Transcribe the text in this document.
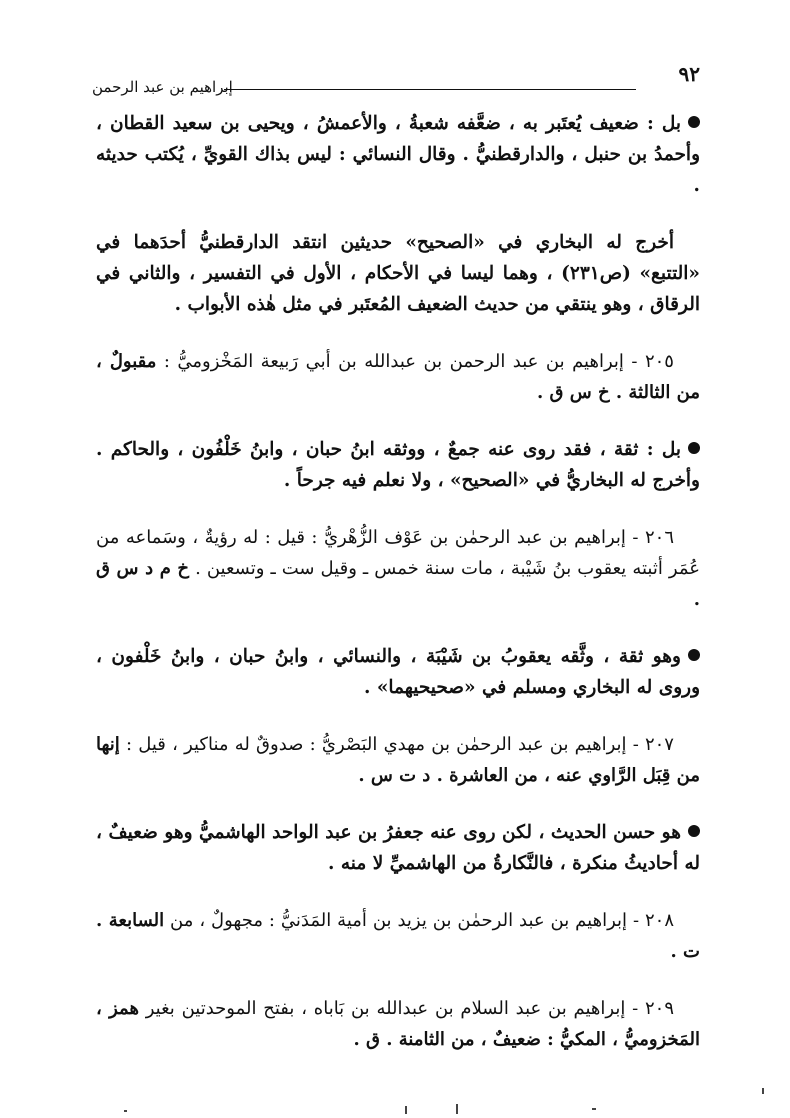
٩٢
إبراهيم بن عبد الرحمن

بل : ضعيف يُعتَبر به ، ضعَّفه شعبةُ ، والأعمشُ ، ويحيى بن سعيد القطان ، وأحمدُ بن حنبل ، والدارقطنيُّ . وقال النسائي : ليس بذاك القويِّ ، يُكتب حديثه .

أخرج له البخاري في «الصحيح» حديثين انتقد الدارقطنيُّ أحدَهما في «التتبع» (ص٢٣١) ، وهما ليسا في الأحكام ، الأول في التفسير ، والثاني في الرقاق ، وهو ينتقي من حديث الضعيف المُعتَبر في مثل هٰذه الأبواب .

٢٠٥ - إبراهيم بن عبد الرحمن بن عبدالله بن أبي رَبيعة المَخْزوميُّ : مقبولٌ ، من الثالثة . خ س ق .

بل : ثقة ، فقد روى عنه جمعٌ ، ووثقه ابنُ حبان ، وابنُ خَلْفُون ، والحاكم . وأخرج له البخاريُّ في «الصحيح» ، ولا نعلم فيه جرحاً .

٢٠٦ - إبراهيم بن عبد الرحمٰن بن عَوْف الزُّهْريُّ : قيل : له رؤيةٌ ، وسَماعه من عُمَر أثبته يعقوب بنُ شَيْبة ، مات سنة خمس ـ وقيل ست ـ وتسعين . خ م د س ق .

وهو ثقة ، وثَّقه يعقوبُ بن شَيْبَة ، والنسائي ، وابنُ حبان ، وابنُ خَلْفون ، وروى له البخاري ومسلم في «صحيحيهما» .

٢٠٧ - إبراهيم بن عبد الرحمٰن بن مهدي البَصْريُّ : صدوقٌ له مناكير ، قيل : إنها من قِبَل الرَّاوي عنه ، من العاشرة . د ت س .

هو حسن الحديث ، لكن روى عنه جعفرُ بن عبد الواحد الهاشميُّ وهو ضعيفٌ ، له أحاديثُ منكرة ، فالنَّكارةُ من الهاشميِّ لا منه .

٢٠٨ - إبراهيم بن عبد الرحمٰن بن يزيد بن أمية المَدَنيُّ : مجهولٌ ، من السابعة . ت .

٢٠٩ - إبراهيم بن عبد السلام بن عبدالله بن بَاباه ، بفتح الموحدتين بغير همز ، المَخزوميُّ ، المكيُّ : ضعيفٌ ، من الثامنة . ق .
